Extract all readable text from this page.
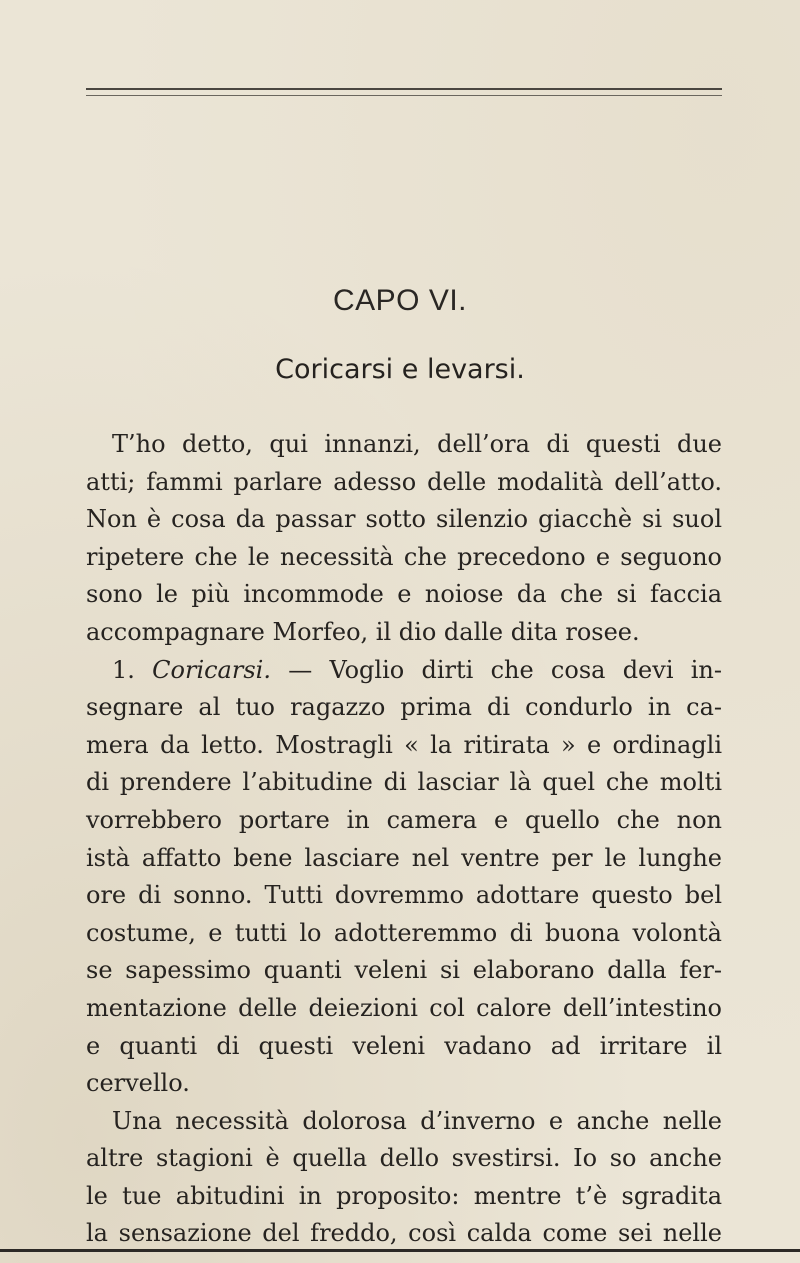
CAPO VI.
Coricarsi e levarsi.
T’ho detto, qui innanzi, dell’ora di questi due
atti; fammi parlare adesso delle modalità dell’atto.
Non è cosa da passar sotto silenzio giacchè si suol
ripetere che le necessità che precedono e seguono
sono le più incommode e noiose da che si faccia
accompagnare Morfeo, il dio dalle dita rosee.
1. Coricarsi. — Voglio dirti che cosa devi in-
segnare al tuo ragazzo prima di condurlo in ca-
mera da letto. Mostragli « la ritirata » e ordinagli
di prendere l’abitudine di lasciar là quel che molti
vorrebbero portare in camera e quello che non
istà affatto bene lasciare nel ventre per le lunghe
ore di sonno. Tutti dovremmo adottare questo bel
costume, e tutti lo adotteremmo di buona volontà
se sapessimo quanti veleni si elaborano dalla fer-
mentazione delle deiezioni col calore dell’intestino
e quanti di questi veleni vadano ad irritare il
cervello.
Una necessità dolorosa d’inverno e anche nelle
altre stagioni è quella dello svestirsi. Io so anche
le tue abitudini in proposito: mentre t’è sgradita
la sensazione del freddo, così calda come sei nelle
